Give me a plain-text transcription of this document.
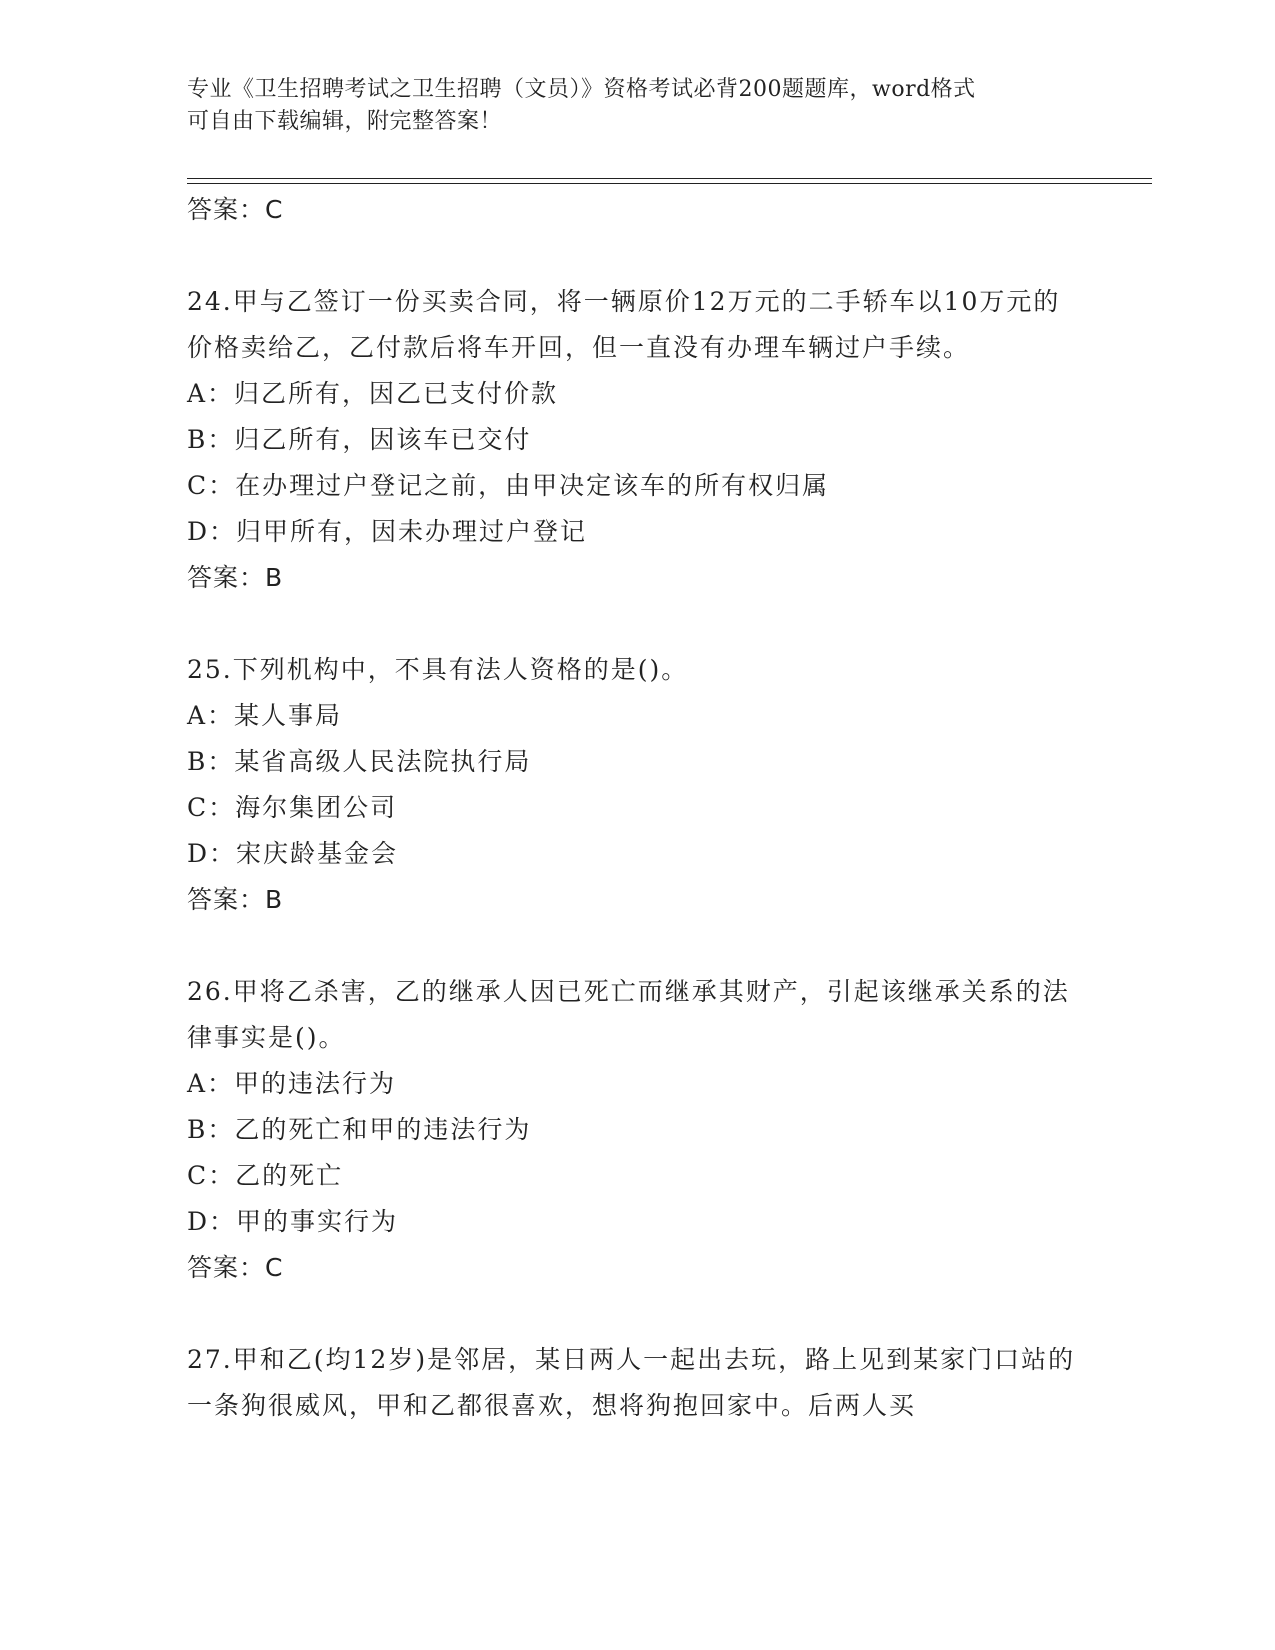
专业《卫生招聘考试之卫生招聘（文员）》资格考试必背200题题库，word格式
可自由下载编辑，附完整答案！
答案：C
24.甲与乙签订一份买卖合同，将一辆原价12万元的二手轿车以10万元的价格卖给乙，乙付款后将车开回，但一直没有办理车辆过户手续。
A：归乙所有，因乙已支付价款
B：归乙所有，因该车已交付
C：在办理过户登记之前，由甲决定该车的所有权归属
D：归甲所有，因未办理过户登记
答案：B
25.下列机构中，不具有法人资格的是()。
A：某人事局
B：某省高级人民法院执行局
C：海尔集团公司
D：宋庆龄基金会
答案：B
26.甲将乙杀害，乙的继承人因已死亡而继承其财产，引起该继承关系的法律事实是()。
A：甲的违法行为
B：乙的死亡和甲的违法行为
C：乙的死亡
D：甲的事实行为
答案：C
27.甲和乙(均12岁)是邻居，某日两人一起出去玩，路上见到某家门口站的一条狗很威风，甲和乙都很喜欢，想将狗抱回家中。后两人买
